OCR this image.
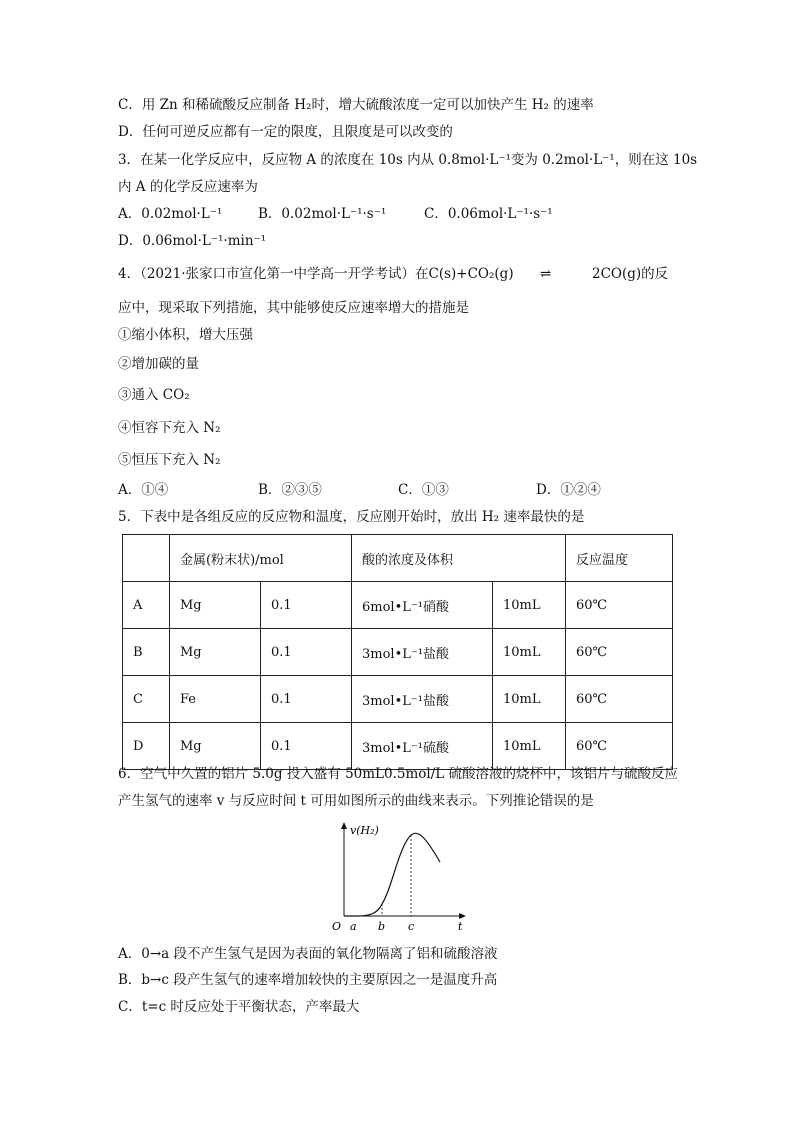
C．用 Zn 和稀硫酸反应制备 H₂时，增大硫酸浓度一定可以加快产生 H₂ 的速率
D．任何可逆反应都有一定的限度，且限度是可以改变的
3．在某一化学反应中，反应物 A 的浓度在 10s 内从 0.8mol·L⁻¹变为 0.2mol·L⁻¹，则在这 10s
内 A 的化学反应速率为
A．0.02mol·L⁻¹	B．0.02mol·L⁻¹·s⁻¹	C．0.06mol·L⁻¹·s⁻¹
D．0.06mol·L⁻¹·min⁻¹
4．（2021·张家口市宣化第一中学高一开学考试）在C(s)+CO₂(g) ⇌	2CO(g)的反
应中，现采取下列措施，其中能够使反应速率增大的措施是
①缩小体积，增大压强
②增加碳的量
③通入 CO₂
④恒容下充入 N₂
⑤恒压下充入 N₂
A．①④	B．②③⑤	C．①③	D．①②④
5．下表中是各组反应的反应物和温度，反应刚开始时，放出 H₂ 速率最快的是
	金属(粉末状)/mol		酸的浓度及体积		反应温度
A	Mg	0.1	6mol•L⁻¹硝酸	10mL	60℃
B	Mg	0.1	3mol•L⁻¹盐酸	10mL	60℃
C	Fe	0.1	3mol•L⁻¹盐酸	10mL	60℃
D	Mg	0.1	3mol•L⁻¹硫酸	10mL	60℃
6．空气中久置的铝片 5.0g 投入盛有 50mL0.5mol/L 硫酸溶液的烧杯中，该铝片与硫酸反应
产生氢气的速率 v 与反应时间 t 可用如图所示的曲线来表示。下列推论错误的是
v(H₂)
O a b c	t
A．0→a 段不产生氢气是因为表面的氧化物隔离了铝和硫酸溶液
B．b→c 段产生氢气的速率增加较快的主要原因之一是温度升高
C．t=c 时反应处于平衡状态，产率最大
